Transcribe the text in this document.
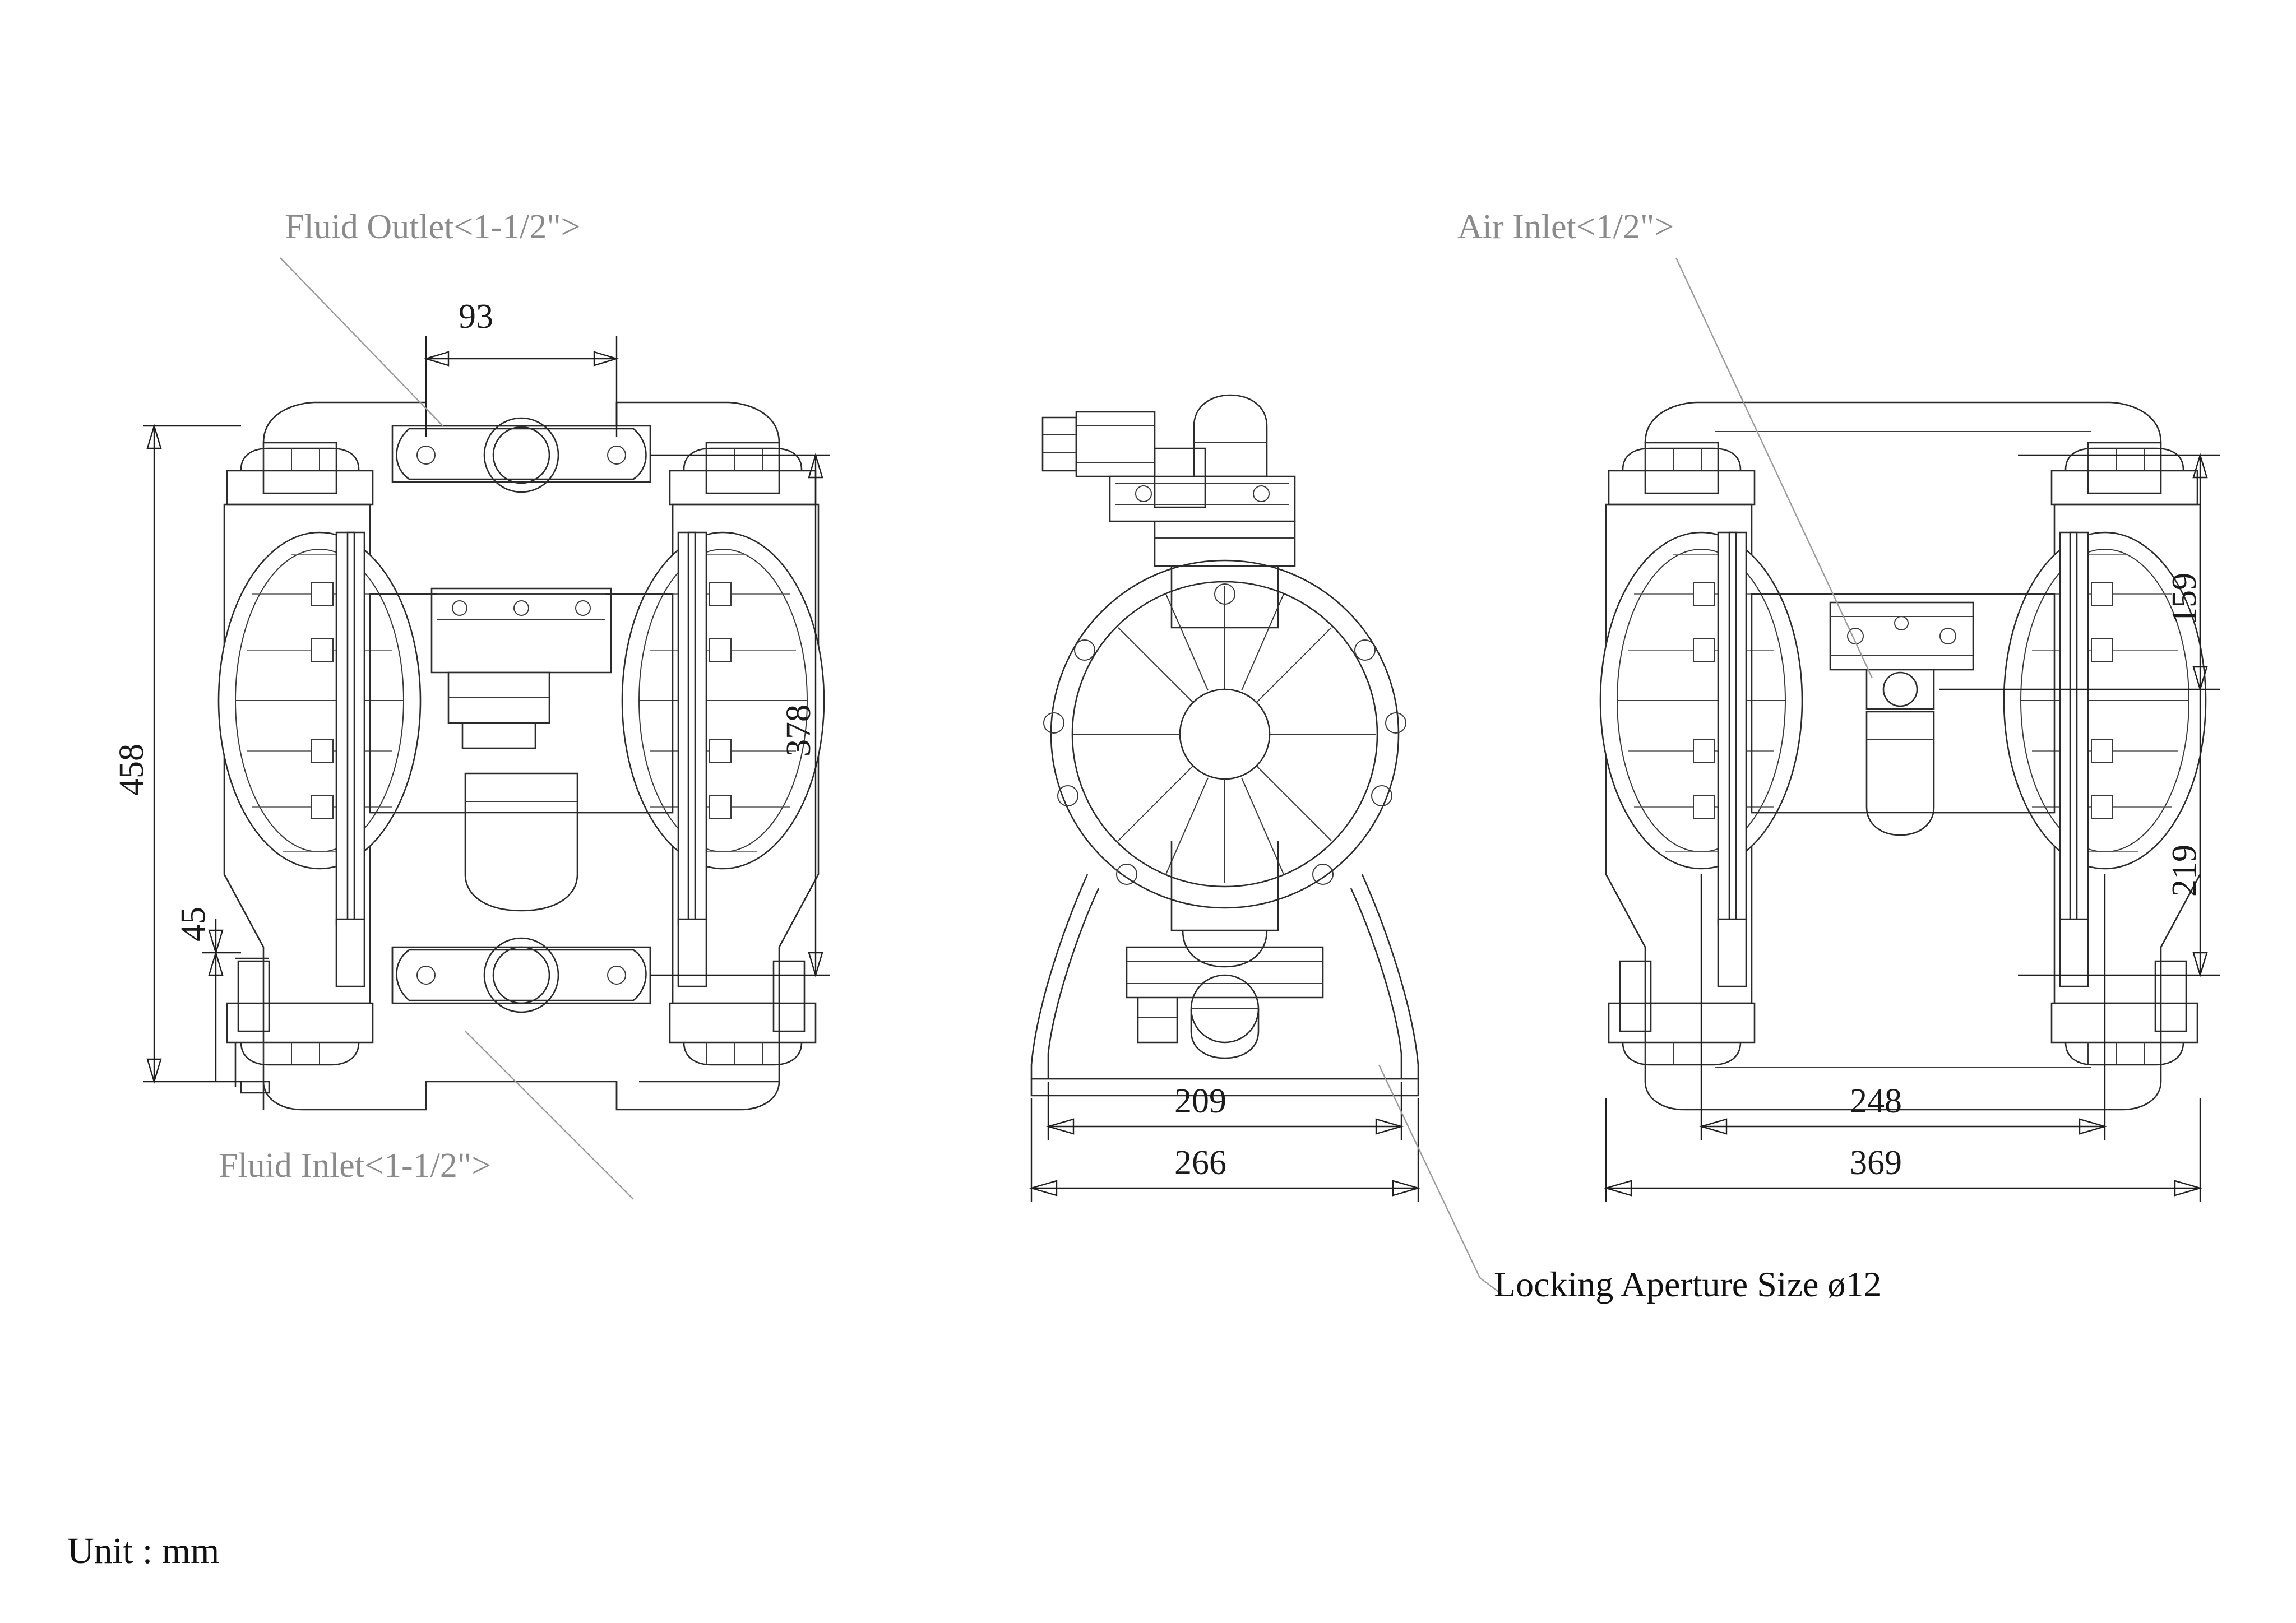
Fluid Outlet<1-1/2">	Air Inlet<1/2">
Fluid Inlet<1-1/2">
Locking Aperture Size ø12
93
458
378
45
209
266
159
219
248
369
Unit : mm
